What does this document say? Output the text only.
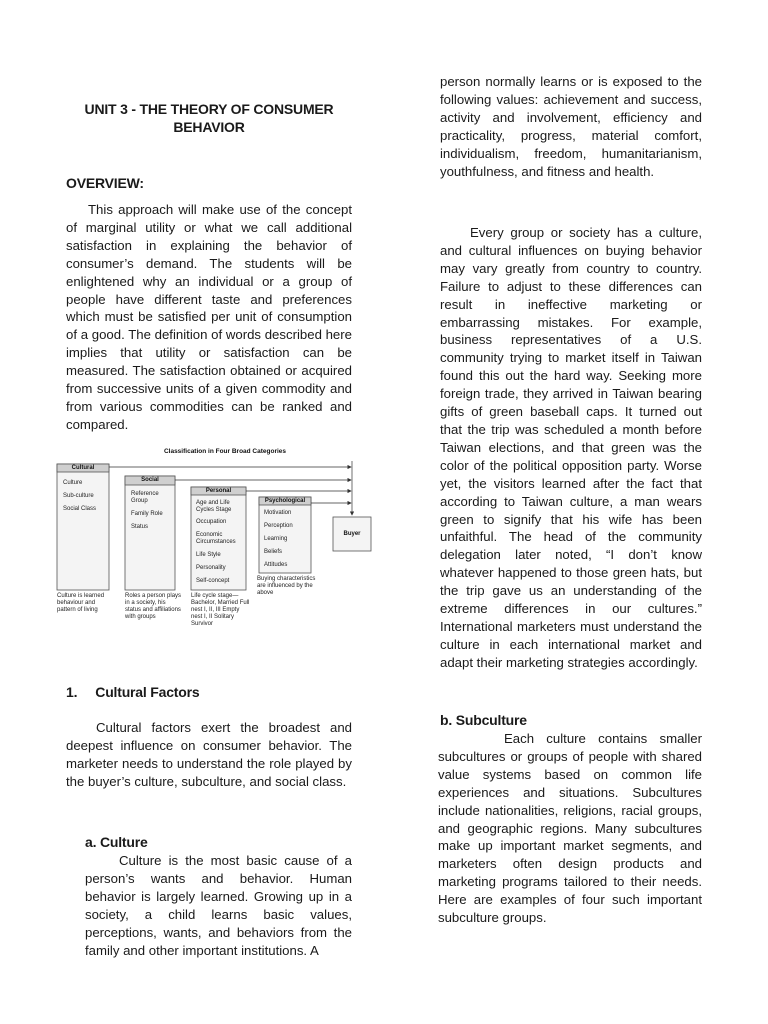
UNIT 3 - THE THEORY OF CONSUMER
BEHAVIOR

OVERVIEW:

This approach will make use of the concept of marginal utility or what we call additional satisfaction in explaining the behavior of consumer’s demand. The students will be enlightened why an individual or a group of people have different taste and preferences which must be satisfied per unit of consumption of a good. The definition of words described here implies that utility or satisfaction can be measured. The satisfaction obtained or acquired from successive units of a given commodity and from various commodities can be ranked and compared.

Classification in Four Broad Categories
Cultural
Culture
Sub-culture
Social Class
Culture is learned behaviour and pattern of living
Social
Reference Group
Family Role
Status
Roles a person plays in a society, his status and affiliations with groups
Personal
Age and Life Cycles Stage
Occupation
Economic Circumstances
Life Style
Personality
Self-concept
Life cycle stage— Bachelor, Married Full nest I, II, III Empty nest I, II Solitary Survivor
Psychological
Motivation
Perception
Learning
Beliefs
Attitudes
Buying characteristics are influenced by the above
Buyer

1. Cultural Factors

Cultural factors exert the broadest and deepest influence on consumer behavior. The marketer needs to understand the role played by the buyer’s culture, subculture, and social class.

a. Culture

Culture is the most basic cause of a person’s wants and behavior. Human behavior is largely learned. Growing up in a society, a child learns basic values, perceptions, wants, and behaviors from the family and other important institutions. A

person normally learns or is exposed to the following values: achievement and success, activity and involvement, efficiency and practicality, progress, material comfort, individualism, freedom, humanitarianism, youthfulness, and fitness and health.

Every group or society has a culture, and cultural influences on buying behavior may vary greatly from country to country. Failure to adjust to these differences can result in ineffective marketing or embarrassing mistakes. For example, business representatives of a U.S. community trying to market itself in Taiwan found this out the hard way. Seeking more foreign trade, they arrived in Taiwan bearing gifts of green baseball caps. It turned out that the trip was scheduled a month before Taiwan elections, and that green was the color of the political opposition party. Worse yet, the visitors learned after the fact that according to Taiwan culture, a man wears green to signify that his wife has been unfaithful. The head of the community delegation later noted, “I don’t know whatever happened to those green hats, but the trip gave us an understanding of the extreme differences in our cultures.” International marketers must understand the culture in each international market and adapt their marketing strategies accordingly.

b. Subculture

Each culture contains smaller subcultures or groups of people with shared value systems based on common life experiences and situations. Subcultures include nationalities, religions, racial groups, and geographic regions. Many subcultures make up important market segments, and marketers often design products and marketing programs tailored to their needs. Here are examples of four such important subculture groups.
